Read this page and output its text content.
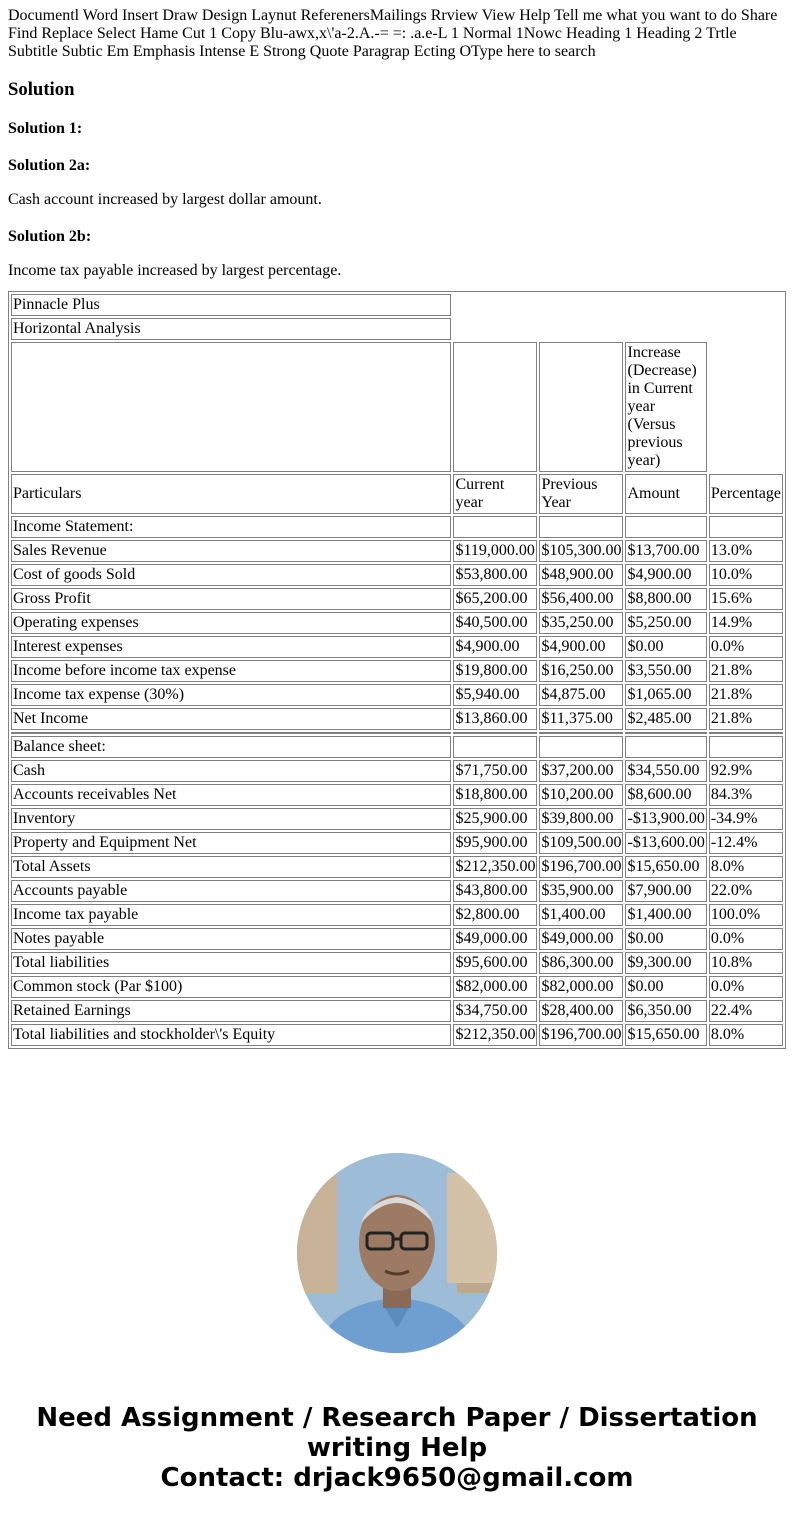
Documentl Word Insert Draw Design Laynut ReferenersMailings Rrview View Help Tell me what you want to do Share Find Replace Select Hame Cut 1 Copy Blu-awx,x\'a-2.A.-= =: .a.e-L 1 Normal 1Nowc Heading 1 Heading 2 Trtle Subtitle Subtic Em Emphasis Intense E Strong Quote Paragrap Ecting OType here to search

Solution
Solution 1:
Solution 2a:

Cash account increased by largest dollar amount.

Solution 2b:

Income tax payable increased by largest percentage.

Pinnacle Plus				
Horizontal Analysis				
			Increase (Decrease) in Current year (Versus previous year)	
Particulars	Current year	Previous Year	Amount	Percentage
Income Statement:				
Sales Revenue	$119,000.00	$105,300.00	$13,700.00	13.0%
Cost of goods Sold	$53,800.00	$48,900.00	$4,900.00	10.0%
Gross Profit	$65,200.00	$56,400.00	$8,800.00	15.6%
Operating expenses	$40,500.00	$35,250.00	$5,250.00	14.9%
Interest expenses	$4,900.00	$4,900.00	$0.00	0.0%
Income before income tax expense	$19,800.00	$16,250.00	$3,550.00	21.8%
Income tax expense (30%)	$5,940.00	$4,875.00	$1,065.00	21.8%
Net Income	$13,860.00	$11,375.00	$2,485.00	21.8%

Balance sheet:				
Cash	$71,750.00	$37,200.00	$34,550.00	92.9%
Accounts receivables Net	$18,800.00	$10,200.00	$8,600.00	84.3%
Inventory	$25,900.00	$39,800.00	-$13,900.00	-34.9%
Property and Equipment Net	$95,900.00	$109,500.00	-$13,600.00	-12.4%
Total Assets	$212,350.00	$196,700.00	$15,650.00	8.0%
Accounts payable	$43,800.00	$35,900.00	$7,900.00	22.0%
Income tax payable	$2,800.00	$1,400.00	$1,400.00	100.0%
Notes payable	$49,000.00	$49,000.00	$0.00	0.0%
Total liabilities	$95,600.00	$86,300.00	$9,300.00	10.8%
Common stock (Par $100)	$82,000.00	$82,000.00	$0.00	0.0%
Retained Earnings	$34,750.00	$28,400.00	$6,350.00	22.4%
Total liabilities and stockholder\'s Equity	$212,350.00	$196,700.00	$15,650.00	8.0%
Need Assignment / Research Paper / Dissertation writing Help
Contact: drjack9650@gmail.com
